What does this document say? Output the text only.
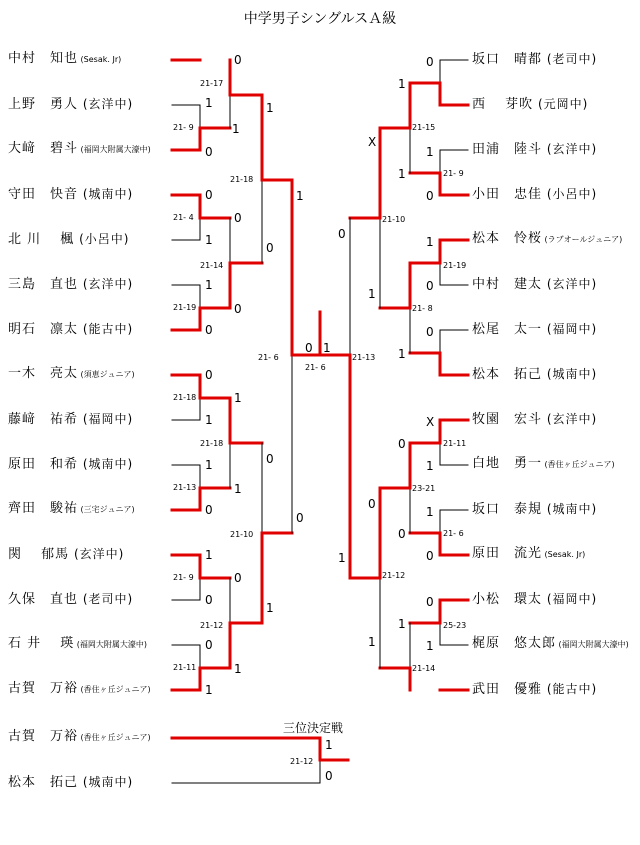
中学男子シングルスＡ級
三位決定戦
中村　知也 (Sesak. Jr)
上野　勇人 (玄洋中)
大﨑　碧斗 (福岡大附属大濠中)
守田　快音 (城南中)
北 川　 楓 (小呂中)
三島　直也 (玄洋中)
明石　凛太 (能古中)
一木　亮太 (須恵ジュニア)
藤﨑　祐希 (福岡中)
原田　和希 (城南中)
齊田　駿祐 (三宅ジュニア)
関　 郁馬 (玄洋中)
久保　直也 (老司中)
石 井　 瑛 (福岡大附属大濠中)
古賀　万裕 (香住ヶ丘ジュニア)
坂口　晴都 (老司中)
西　 芽吹 (元岡中)
田浦　陸斗 (玄洋中)
小田　忠佳 (小呂中)
松本　怜桜 (ラブオールジュニア)
中村　建太 (玄洋中)
松尾　太一 (福岡中)
松本　拓己 (城南中)
牧園　宏斗 (玄洋中)
白地　勇一 (香住ヶ丘ジュニア)
坂口　泰規 (城南中)
原田　流光 (Sesak. Jr)
小松　環太 (福岡中)
梶原　悠太郎 (福岡大附属大濠中)
武田　優雅 (能古中)
古賀　万裕 (香住ヶ丘ジュニア)
松本　拓己 (城南中)
21- 9
1
0
21- 4
0
1
21-19
1
0
21-18
0
1
21-13
1
0
21- 9
1
0
21-11
0
1
21-17
0
1
21-14
0
0
21-18
1
1
21-12
0
1
21-18
1
0
21-10
0
1
21- 6
1
0
0
1
21- 9
1
0
21-19
1
0
0
1
21-11
X
1
21- 6
1
0
25-23
0
1
21-15
1
21- 8
23-21
0
0
21-14
1
21-10
X
1
21-12
0
1
21-13
0
1
21- 6
0 1
21-12
1
0
